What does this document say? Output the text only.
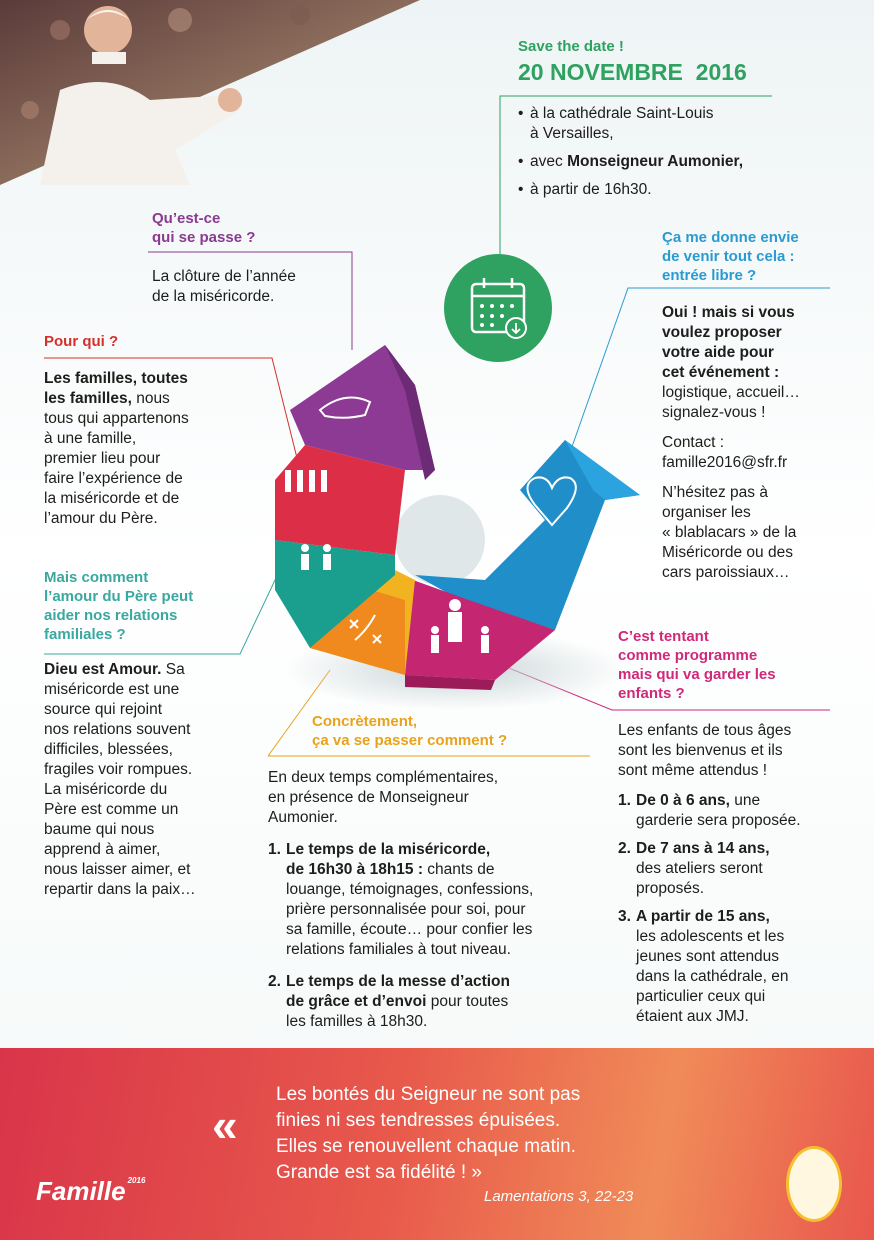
Save the date !
20 NOVEMBRE  2016
• à la cathédrale Saint-Louis
à Versailles,
• avec Monseigneur Aumonier,
• à partir de 16h30.
Qu’est-ce
qui se passe ?
La clôture de l’année
de la miséricorde.
Pour qui ?
Les familles, toutes
les familles, nous
tous qui appartenons
à une famille,
premier lieu pour
faire l’expérience de
la miséricorde et de
l’amour du Père.
Mais comment
l’amour du Père peut
aider nos relations
familiales ?
Dieu est Amour. Sa
miséricorde est une
source qui rejoint
nos relations souvent
difficiles, blessées,
fragiles voir rompues.
La miséricorde du
Père est comme un
baume qui nous
apprend à aimer,
nous laisser aimer, et
repartir dans la paix…
Ça me donne envie
de venir tout cela :
entrée libre ?
Oui ! mais si vous
voulez proposer
votre aide pour
cet événement :
logistique, accueil…
signalez-vous !
Contact :
famille2016@sfr.fr
N’hésitez pas à
organiser les
« blablacars » de la
Miséricorde ou des
cars paroissiaux…
C’est tentant
comme programme
mais qui va garder les
enfants ?
Les enfants de tous âges
sont les bienvenus et ils
sont même attendus !
1. De 0 à 6 ans, une
garderie sera proposée.
2. De 7 ans à 14 ans,
des ateliers seront
proposés.
3. A partir de 15 ans,
les adolescents et les
jeunes sont attendus
dans la cathédrale, en
particulier ceux qui
étaient aux JMJ.
Concrètement,
ça va se passer comment ?
En deux temps complémentaires,
en présence de Monseigneur
Aumonier.
1. Le temps de la miséricorde,
de 16h30 à 18h15 : chants de
louange, témoignages, confessions,
prière personnalisée pour soi, pour
sa famille, écoute… pour confier les
relations familiales à tout niveau.
2. Le temps de la messe d’action
de grâce et d’envoi pour toutes
les familles à 18h30.
«
Les bontés du Seigneur ne sont pas
finies ni ses tendresses épuisées.
Elles se renouvellent chaque matin.
Grande est sa fidélité ! »
Lamentations 3, 22-23
Famille $^{2016}$
